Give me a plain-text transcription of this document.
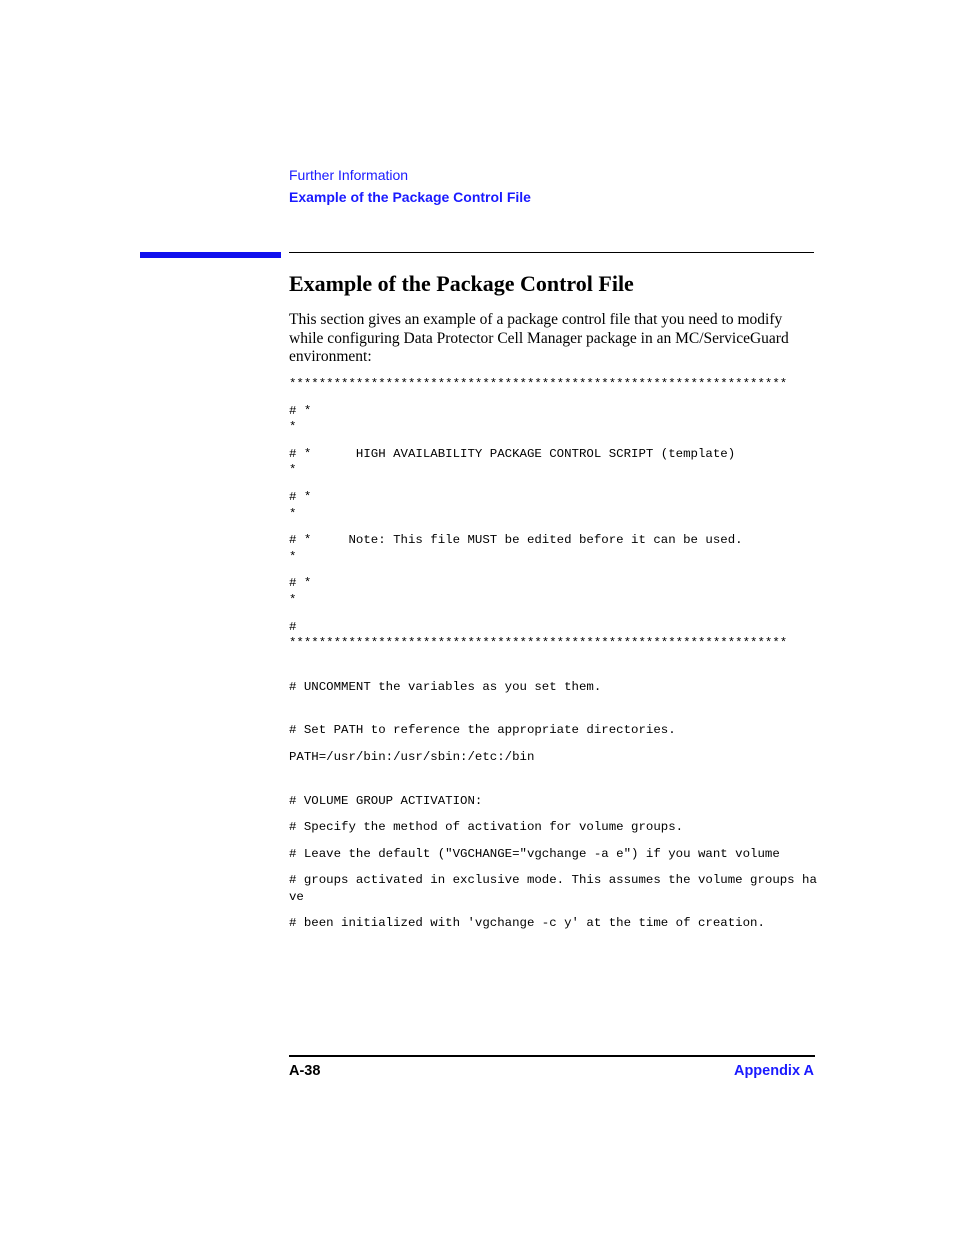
Further Information
Example of the Package Control File
Example of the Package Control File

This section gives an example of a package control file that you need to modify while configuring Data Protector Cell Manager package in an MC/ServiceGuard environment:

*******************************************************************

# *
*

# *      HIGH AVAILABILITY PACKAGE CONTROL SCRIPT (template)
*

# *
*

# *     Note: This file MUST be edited before it can be used.
*

# *
*

#
*******************************************************************

# UNCOMMENT the variables as you set them.

# Set PATH to reference the appropriate directories.

PATH=/usr/bin:/usr/sbin:/etc:/bin

# VOLUME GROUP ACTIVATION:

# Specify the method of activation for volume groups.

# Leave the default ("VGCHANGE="vgchange -a e") if you want volume

# groups activated in exclusive mode. This assumes the volume groups have

# been initialized with 'vgchange -c y' at the time of creation.

A-38	Appendix A
